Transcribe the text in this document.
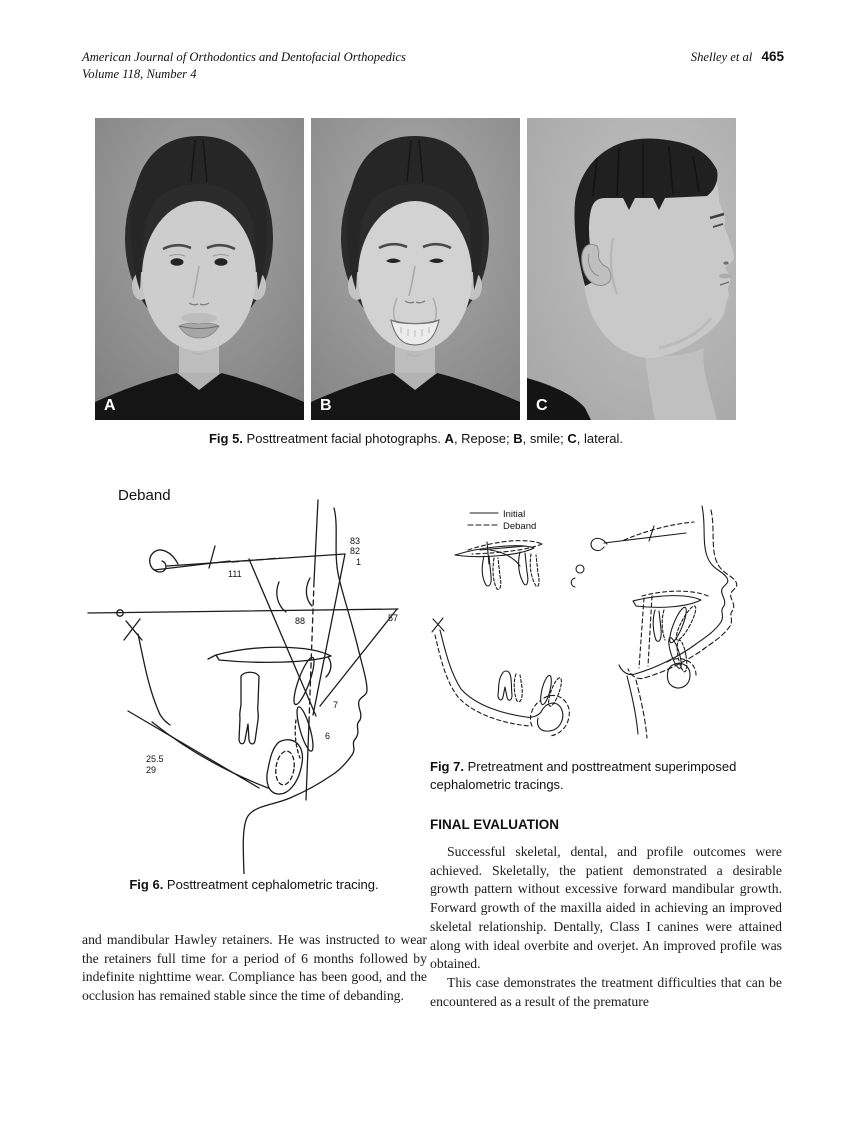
American Journal of Orthodontics and Dentofacial Orthopedics
Volume 118, Number 4
Shelley et al 465
A	B	C
Fig 5. Posttreatment facial photographs. A, Repose; B, smile; C, lateral.
Deband
111
83
82
1
88	57
7
6
25.5
29
Fig 6. Posttreatment cephalometric tracing.
Initial
Deband
Fig 7. Pretreatment and posttreatment superimposed cephalometric tracings.
FINAL EVALUATION

Successful skeletal, dental, and profile outcomes were achieved. Skeletally, the patient demonstrated a desirable growth pattern without excessive forward mandibular growth. Forward growth of the maxilla aided in achieving an improved skeletal relationship. Dentally, Class I canines were attained along with ideal overbite and overjet. An improved profile was obtained.

This case demonstrates the treatment difficulties that can be encountered as a result of the premature

and mandibular Hawley retainers. He was instructed to wear the retainers full time for a period of 6 months followed by indefinite nighttime wear. Compliance has been good, and the occlusion has remained stable since the time of debanding.
